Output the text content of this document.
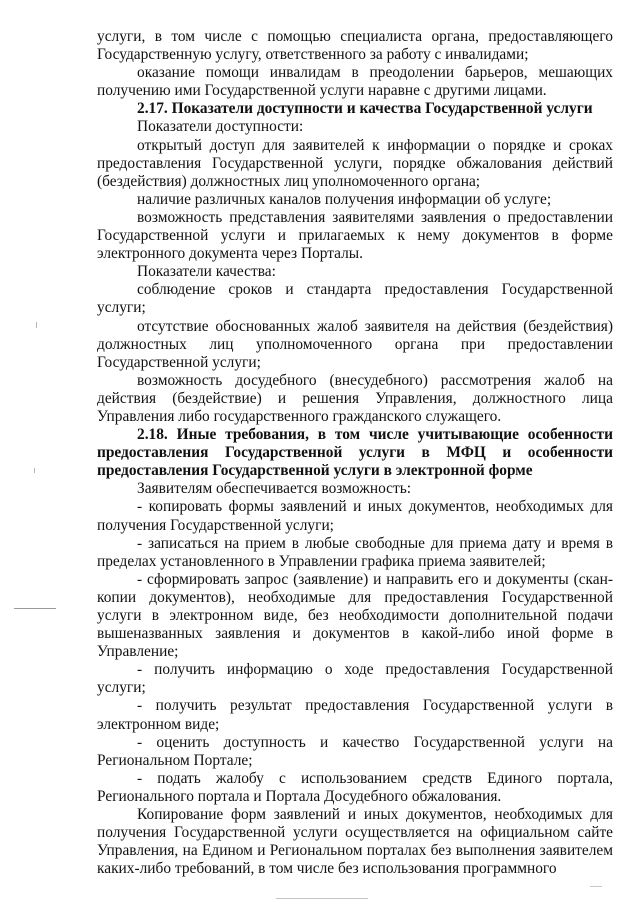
услуги, в том числе с помощью специалиста органа, предоставляющего Государственную услугу, ответственного за работу с инвалидами;

оказание помощи инвалидам в преодолении барьеров, мешающих получению ими Государственной услуги наравне с другими лицами.

2.17. Показатели доступности и качества Государственной услуги

Показатели доступности:

открытый доступ для заявителей к информации о порядке и сроках предоставления Государственной услуги, порядке обжалования действий (бездействия) должностных лиц уполномоченного органа;

наличие различных каналов получения информации об услуге;

возможность представления заявителями заявления о предоставлении Государственной услуги и прилагаемых к нему документов в форме электронного документа через Порталы.

Показатели качества:

соблюдение сроков и стандарта предоставления Государственной услуги;

отсутствие обоснованных жалоб заявителя на действия (бездействия) должностных лиц уполномоченного органа при предоставлении Государственной услуги;

возможность досудебного (внесудебного) рассмотрения жалоб на действия (бездействие) и решения Управления, должностного лица Управления либо государственного гражданского служащего.

2.18. Иные требования, в том числе учитывающие особенности предоставления Государственной услуги в МФЦ и особенности предоставления Государственной услуги в электронной форме

Заявителям обеспечивается возможность:

- копировать формы заявлений и иных документов, необходимых для получения Государственной услуги;

- записаться на прием в любые свободные для приема дату и время в пределах установленного в Управлении графика приема заявителей;

- сформировать запрос (заявление) и направить его и документы (скан-копии документов), необходимые для предоставления Государственной услуги в электронном виде, без необходимости дополнительной подачи вышеназванных заявления и документов в какой-либо иной форме в Управление;

- получить информацию о ходе предоставления Государственной услуги;

- получить результат предоставления Государственной услуги в электронном виде;

- оценить доступность и качество Государственной услуги на Региональном Портале;

- подать жалобу с использованием средств Единого портала, Регионального портала и Портала Досудебного обжалования.

Копирование форм заявлений и иных документов, необходимых для получения Государственной услуги осуществляется на официальном сайте Управления, на Едином и Региональном порталах без выполнения заявителем каких-либо требований, в том числе без использования программного
